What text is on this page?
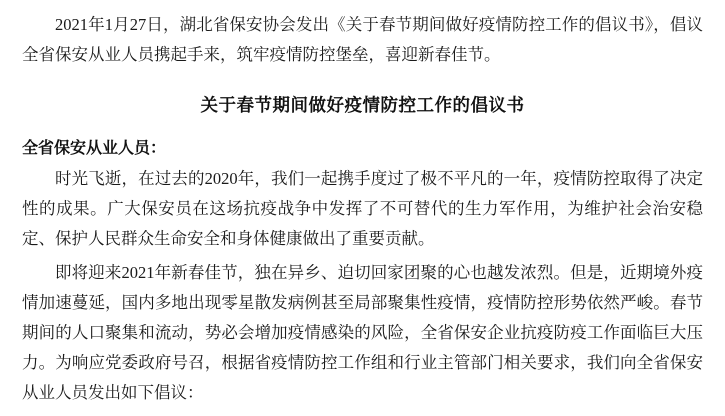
2021年1月27日，湖北省保安协会发出《关于春节期间做好疫情防控工作的倡议书》，倡议全省保安从业人员携起手来，筑牢疫情防控堡垒，喜迎新春佳节。

关于春节期间做好疫情防控工作的倡议书

全省保安从业人员：

时光飞逝，在过去的2020年，我们一起携手度过了极不平凡的一年，疫情防控取得了决定性的成果。广大保安员在这场抗疫战争中发挥了不可替代的生力军作用，为维护社会治安稳定、保护人民群众生命安全和身体健康做出了重要贡献。

即将迎来2021年新春佳节，独在异乡、迫切回家团聚的心也越发浓烈。但是，近期境外疫情加速蔓延，国内多地出现零星散发病例甚至局部聚集性疫情，疫情防控形势依然严峻。春节期间的人口聚集和流动，势必会增加疫情感染的风险，全省保安企业抗疫防疫工作面临巨大压力。为响应党委政府号召，根据省疫情防控工作组和行业主管部门相关要求，我们向全省保安从业人员发出如下倡议：
